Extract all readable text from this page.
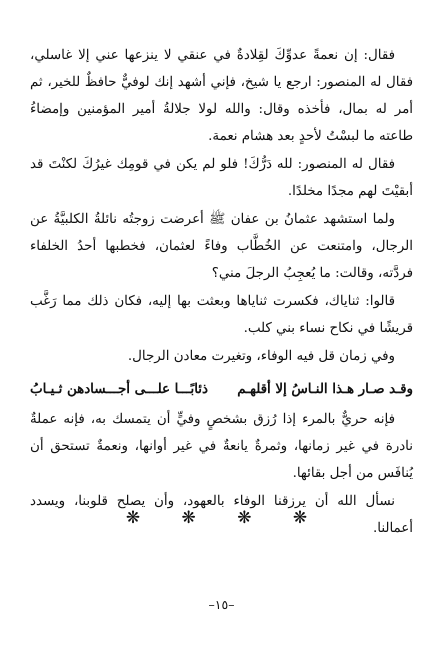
فقال: إن نعمةً عدوِّكَ لقِلادةٌ في عنقي لا ينزعها عني إلا غاسلي، فقال له المنصور: ارجع يا شيخ، فإني أشهد إنك لوفيٌّ حافظٌ للخير، ثم أمر له بمال، فأخذه وقال: والله لولا جلالةُ أمير المؤمنين وإمضاءُ طاعته ما لبسْتُ لأحدٍ بعد هشام نعمة.

فقال له المنصور: لله دَرُّكَ! فلو لم يكن في قومِك غيرُكَ لكنْتَ قد أبقيْتَ لهم مجدًا مخلدًا.

ولما استشهد عثمانُ بن عفان ﷺ أعرضت زوجتُه نائلةُ الكلبيَّةُ عن الرجال، وامتنعت عن الخُطَّاب وفاءً لعثمان، فخطبها أحدُ الخلفاء فردَّته، وقالت: ما يُعجِبُ الرجلَ مني؟

قالوا: ثناياك، فكسرت ثناياها وبعثت بها إليه، فكان ذلك مما رَغَّب قريشًا في نكاح نساء بني كلب.

وفي زمان قل فيه الوفاء، وتغيرت معادن الرجال.

وقـد صـار هـذا النـاسُ إلا أقلهـم
ذئابًـــا علـــى أجـــسادهن ثـيـابُ

فإنه حريٌّ بالمرء إذا رُزق بشخصٍ وفيٍّ أن يتمسك به، فإنه عملةٌ نادرة في غير زمانها، وثمرةٌ يانعةٌ في غير أوانها، ونعمةٌ تستحق أن يُنافَس من أجل بقائها.

نسأل الله أن يرزقنا الوفاء بالعهود، وأن يصلح قلوبنا، ويسدد أعمالنا.

❋ ❋ ❋ ❋
–١٥–
